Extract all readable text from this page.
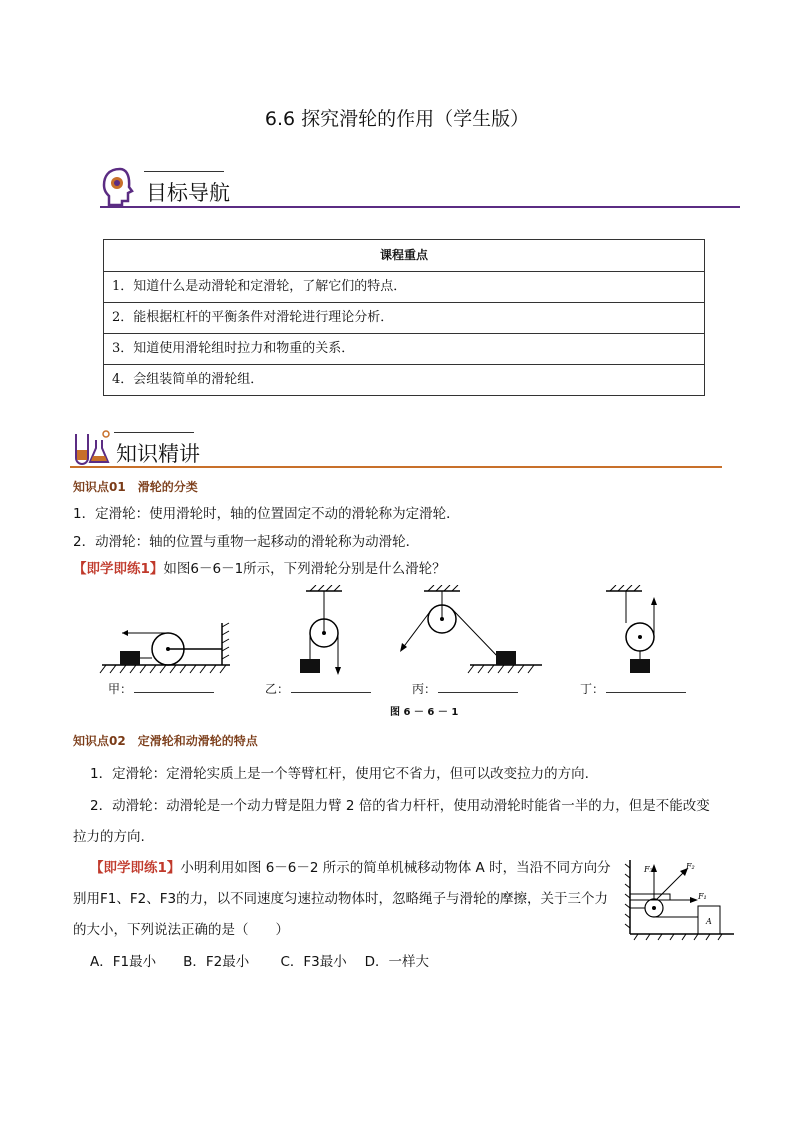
6.6 探究滑轮的作用（学生版）
目标导航
课程重点
1．知道什么是动滑轮和定滑轮，了解它们的特点．
2．能根据杠杆的平衡条件对滑轮进行理论分析．
3．知道使用滑轮组时拉力和物重的关系．
4．会组装简单的滑轮组．
知识精讲
知识点01　滑轮的分类
1．定滑轮：使用滑轮时，轴的位置固定不动的滑轮称为定滑轮．
2．动滑轮：轴的位置与重物一起移动的滑轮称为动滑轮．
【即学即练1】如图6－6－1所示，下列滑轮分别是什么滑轮？
甲：	乙：	丙：	丁：
图 6 － 6 － 1
知识点02　定滑轮和动滑轮的特点
1．定滑轮：定滑轮实质上是一个等臂杠杆，使用它不省力，但可以改变拉力的方向.
2．动滑轮：动滑轮是一个动力臂是阻力臂 2 倍的省力杆杆，使用动滑轮时能省一半的力，但是不能改变
拉力的方向.
【即学即练1】小明利用如图 6－6－2 所示的简单机械移动物体 A 时，当沿不同方向分
别用F1、F2、F3的力，以不同速度匀速拉动物体时，忽略绳子与滑轮的摩擦，关于三个力
的大小，下列说法正确的是（　　）
A．F1最小　　B．F2最小　　 C．F3最小　 D．一样大
F₃	F₂
F₁
A
